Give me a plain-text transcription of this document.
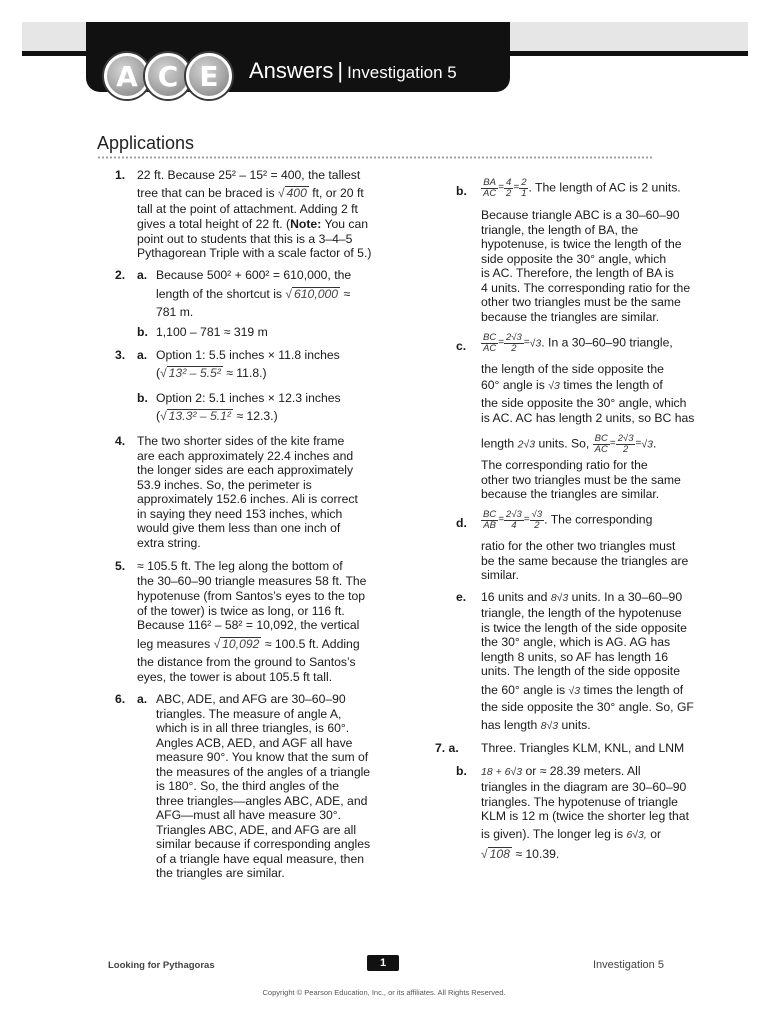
A C E	Answers | Investigation 5
Applications
1. 22 ft. Because 25² – 15² = 400, the tallest
tree that can be braced is √ 400 ft, or 20 ft
tall at the point of attachment. Adding 2 ft
gives a total height of 22 ft. (Note: You can
point out to students that this is a 3–4–5
Pythagorean Triple with a scale factor of 5.)
2. a. Because 500² + 600² = 610,000, the
length of the shortcut is √ 610,000 ≈
781 m.
b. 1,100 – 781 ≈ 319 m
3. a. Option 1: 5.5 inches × 11.8 inches
(√ 13² – 5.5² ≈ 11.8.)
b. Option 2: 5.1 inches × 12.3 inches
(√ 13.3² – 5.1² ≈ 12.3.)
4. The two shorter sides of the kite frame
are each approximately 22.4 inches and
the longer sides are each approximately
53.9 inches. So, the perimeter is
approximately 152.6 inches. Ali is correct
in saying they need 153 inches, which
would give them less than one inch of
extra string.
5. ≈ 105.5 ft. The leg along the bottom of
the 30–60–90 triangle measures 58 ft. The
hypotenuse (from Santos’s eyes to the top
of the tower) is twice as long, or 116 ft.
Because 116² – 58² = 10,092, the vertical
leg measures √ 10,092 ≈ 100.5 ft. Adding
the distance from the ground to Santos’s
eyes, the tower is about 105.5 ft tall.
6. a. ABC, ADE, and AFG are 30–60–90
triangles. The measure of angle A,
which is in all three triangles, is 60°.
Angles ACB, AED, and AGF all have
measure 90°. You know that the sum of
the measures of the angles of a triangle
is 180°. So, the third angles of the
three triangles—angles ABC, ADE, and
AFG—must all have measure 30°.
Triangles ABC, ADE, and AFG are all
similar because if corresponding angles
of a triangle have equal measure, then
the triangles are similar.
b. $\frac{BA}{AC} = \frac{4}{2} = \frac{2}{1}$ . The length of AC is 2 units.
Because triangle ABC is a 30–60–90
triangle, the length of BA, the
hypotenuse, is twice the length of the
side opposite the 30° angle, which
is AC. Therefore, the length of BA is
4 units. The corresponding ratio for the
other two triangles must be the same
because the triangles are similar.
c. $\frac{BC}{AC} = \frac{2√3}{2} =√3$. In a 30–60–90 triangle,
the length of the side opposite the
60° angle is √3 times the length of
the side opposite the 30° angle, which
is AC. AC has length 2 units, so BC has
length 2√3 units. So, $\frac{BC}{AC} = \frac{2√3}{2} =√3$.
The corresponding ratio for the
other two triangles must be the same
because the triangles are similar.
d. $\frac{BC}{AB} = \frac{2√3}{4} = \frac{√3}{2}$ . The corresponding
ratio for the other two triangles must
be the same because the triangles are
similar.
e. 16 units and 8√3 units. In a 30–60–90
triangle, the length of the hypotenuse
is twice the length of the side opposite
the 30° angle, which is AG. AG has
length 8 units, so AF has length 16
units. The length of the side opposite
the 60° angle is √3 times the length of
the side opposite the 30° angle. So, GF
has length 8√3 units.
7. a. Three. Triangles KLM, KNL, and LNM
b. 18 + 6√3 or ≈ 28.39 meters. All
triangles in the diagram are 30–60–90
triangles. The hypotenuse of triangle
KLM is 12 m (twice the shorter leg that
is given). The longer leg is 6√3, or
√ 108 ≈ 10.39.
Looking for Pythagoras	1	Investigation 5
Copyright © Pearson Education, Inc., or its affiliates. All Rights Reserved.
